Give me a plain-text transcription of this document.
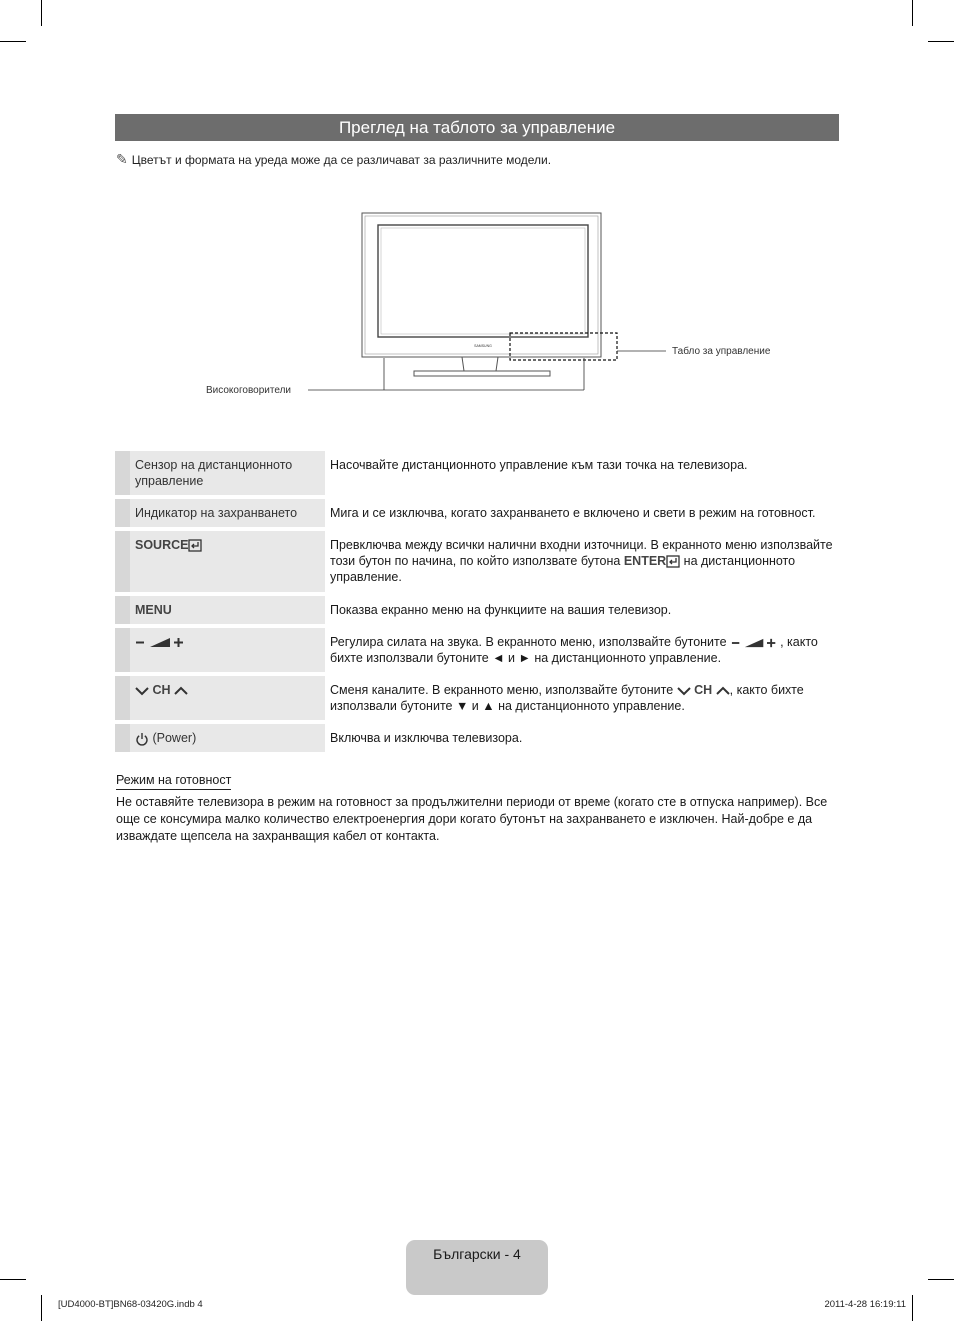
Преглед на таблото за управление
✎ Цветът и формата на уреда може да се различават за различните модели.
SAMSUNG	Табло за управление
Високоговорители
	Сензор на дистанционното управление	Насочвайте дистанционното управление към тази точка на телевизора.
	Индикатор на захранването	Мига и се изключва, когато захранването е включено и свети в режим на готовност.
	SOURCE	Превключва между всички налични входни източници. В екранното меню използвайте този бутон по начина, по който използвате бутона ENTER на дистанционното управление.
	MENU	Показва екранно меню на функциите на вашия телевизор.
		Регулира силата на звука. В екранното меню, използвайте бутоните , както бихте използвали бутоните ◄ и ► на дистанционното управление.
	CH	Сменя каналите. В екранното меню, използвайте бутоните  CH , както бихте използвали бутоните ▼ и ▲ на дистанционното управление.
	(Power)	Включва и изключва телевизора.
Режим на готовност
Не оставяйте телевизора в режим на готовност за продължителни периоди от време (когато сте в отпуска например). Все още се консумира малко количество електроенергия дори когато бутонът на захранването е изключен. Най-добре е да изваждате щепсела на захранващия кабел от контакта.
Български - 4
[UD4000-BT]BN68-03420G.indb 4	2011-4-28 16:19:11
